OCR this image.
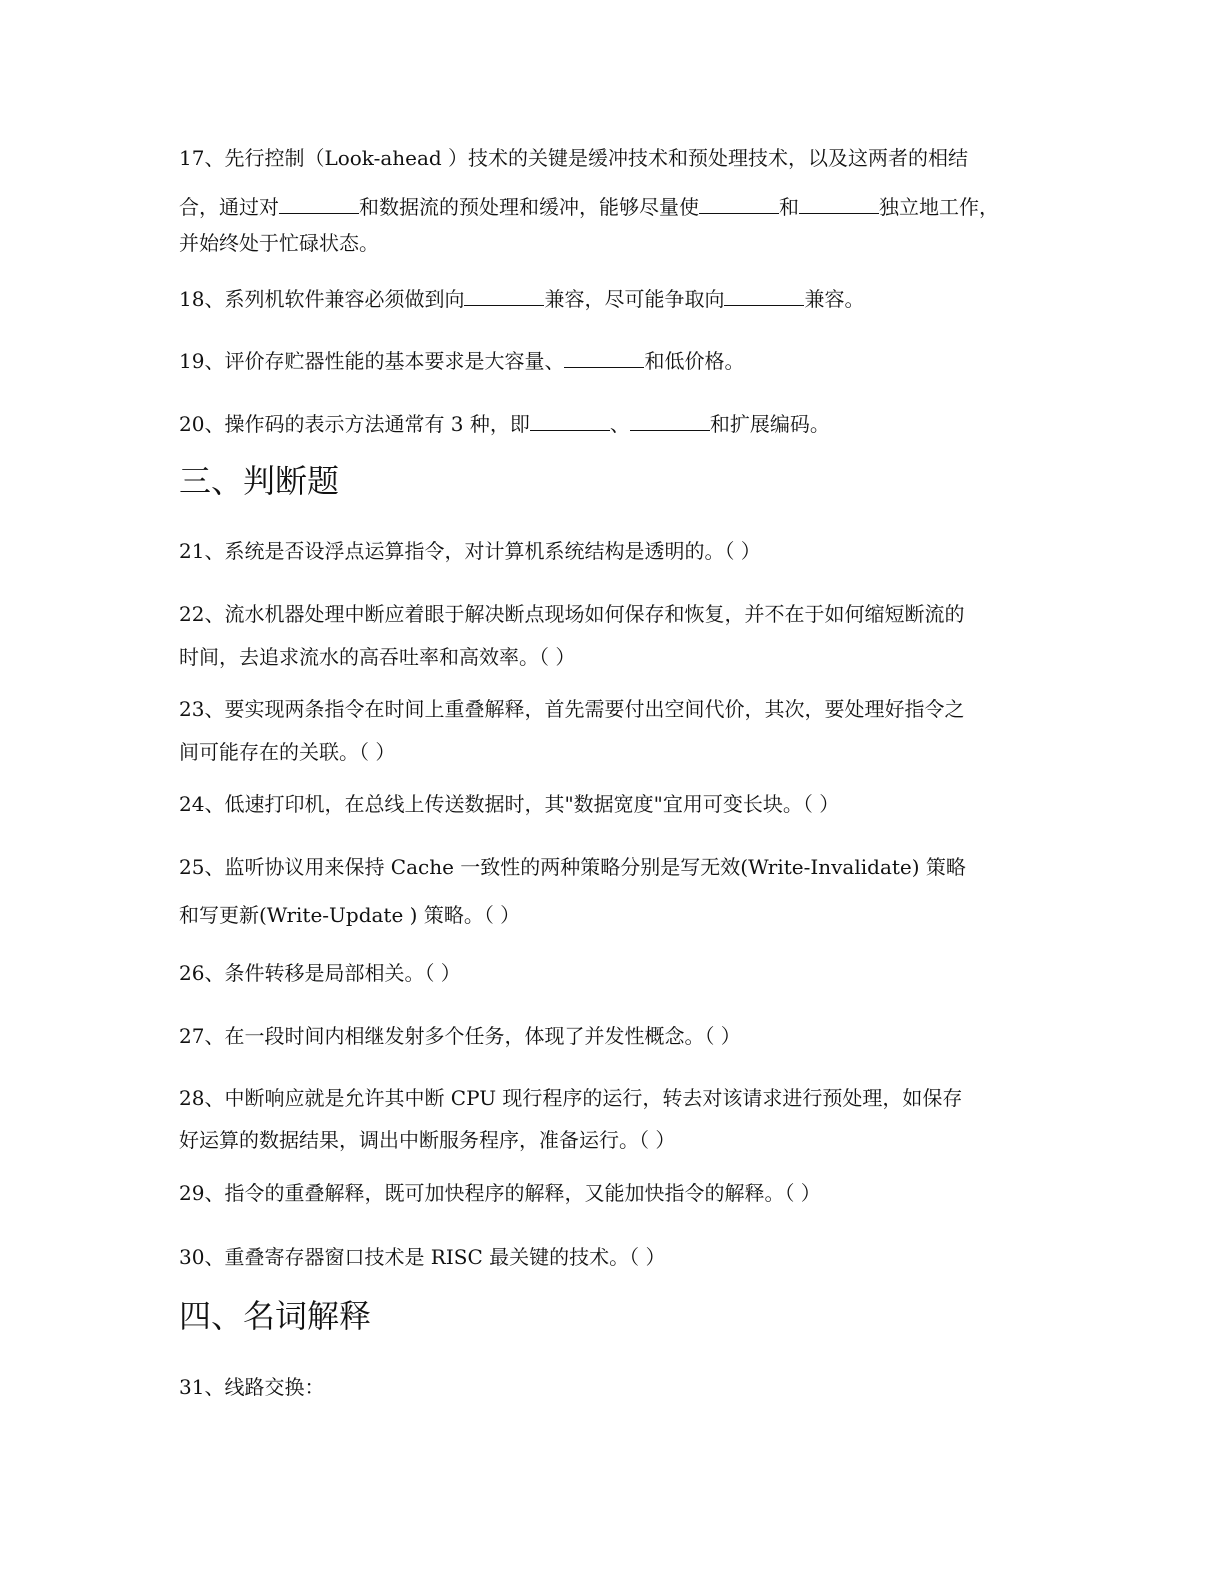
17、先行控制（Look-ahead ）技术的关键是缓冲技术和预处理技术，以及这两者的相结
合，通过对	和数据流的预处理和缓冲，能够尽量使	和	独立地工作，
并始终处于忙碌状态。
18、系列机软件兼容必须做到向	兼容，尽可能争取向	兼容。
19、评价存贮器性能的基本要求是大容量、	和低价格。
20、操作码的表示方法通常有 3 种，即	、	和扩展编码。
三、判断题
21、系统是否设浮点运算指令，对计算机系统结构是透明的。（ ）
22、流水机器处理中断应着眼于解决断点现场如何保存和恢复，并不在于如何缩短断流的
时间，去追求流水的高吞吐率和高效率。（ ）
23、要实现两条指令在时间上重叠解释，首先需要付出空间代价，其次，要处理好指令之
间可能存在的关联。（ ）
24、低速打印机，在总线上传送数据时，其"数据宽度"宜用可变长块。（ ）
25、监听协议用来保持 Cache 一致性的两种策略分别是写无效(Write-Invalidate) 策略
和写更新(Write-Update ) 策略。（ ）
26、条件转移是局部相关。（ ）
27、在一段时间内相继发射多个任务，体现了并发性概念。（ ）
28、中断响应就是允许其中断 CPU 现行程序的运行，转去对该请求进行预处理，如保存
好运算的数据结果，调出中断服务程序，准备运行。（ ）
29、指令的重叠解释，既可加快程序的解释，又能加快指令的解释。（ ）
30、重叠寄存器窗口技术是 RISC 最关键的技术。（ ）
四、名词解释
31、线路交换：
